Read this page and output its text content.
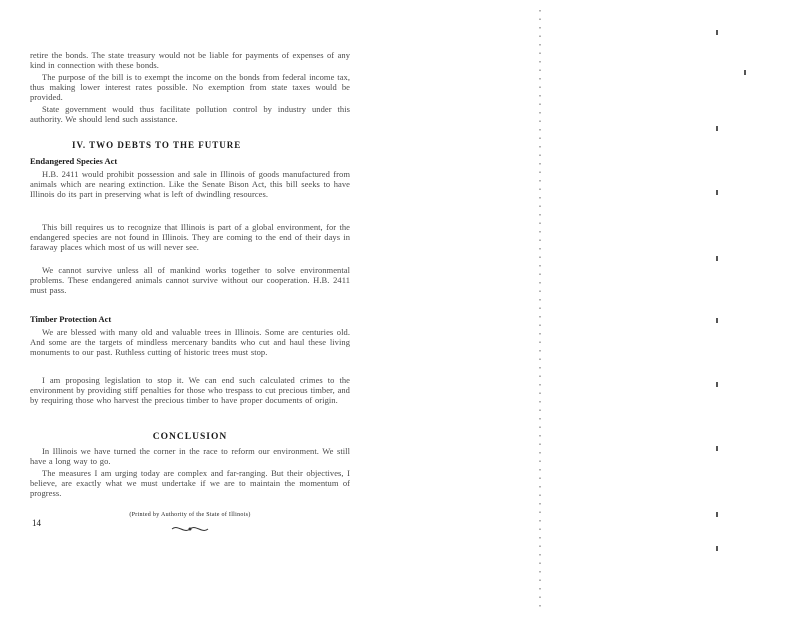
retire the bonds. The state treasury would not be liable for payments of expenses of any kind in connection with these bonds.

The purpose of the bill is to exempt the income on the bonds from federal income tax, thus making lower interest rates possible. No exemption from state taxes would be provided.

State government would thus facilitate pollution control by industry under this authority. We should lend such assistance.

IV. TWO DEBTS TO THE FUTURE

Endangered Species Act

H.B. 2411 would prohibit possession and sale in Illinois of goods manufactured from animals which are nearing extinction. Like the Senate Bison Act, this bill seeks to have Illinois do its part in preserving what is left of dwindling resources.

This bill requires us to recognize that Illinois is part of a global environment, for the endangered species are not found in Illinois. They are coming to the end of their days in faraway places which most of us will never see.

We cannot survive unless all of mankind works together to solve environmental problems. These endangered animals cannot survive without our cooperation. H.B. 2411 must pass.

Timber Protection Act

We are blessed with many old and valuable trees in Illinois. Some are centuries old. And some are the targets of mindless mercenary bandits who cut and haul these living monuments to our past. Ruthless cutting of historic trees must stop.

I am proposing legislation to stop it. We can end such calculated crimes to the environment by providing stiff penalties for those who trespass to cut precious timber, and by requiring those who harvest the precious timber to have proper documents of origin.

CONCLUSION

In Illinois we have turned the corner in the race to reform our environment. We still have a long way to go.

The measures I am urging today are complex and far-ranging. But their objectives, I believe, are exactly what we must undertake if we are to maintain the momentum of progress.

(Printed by Authority of the State of Illinois)

14
